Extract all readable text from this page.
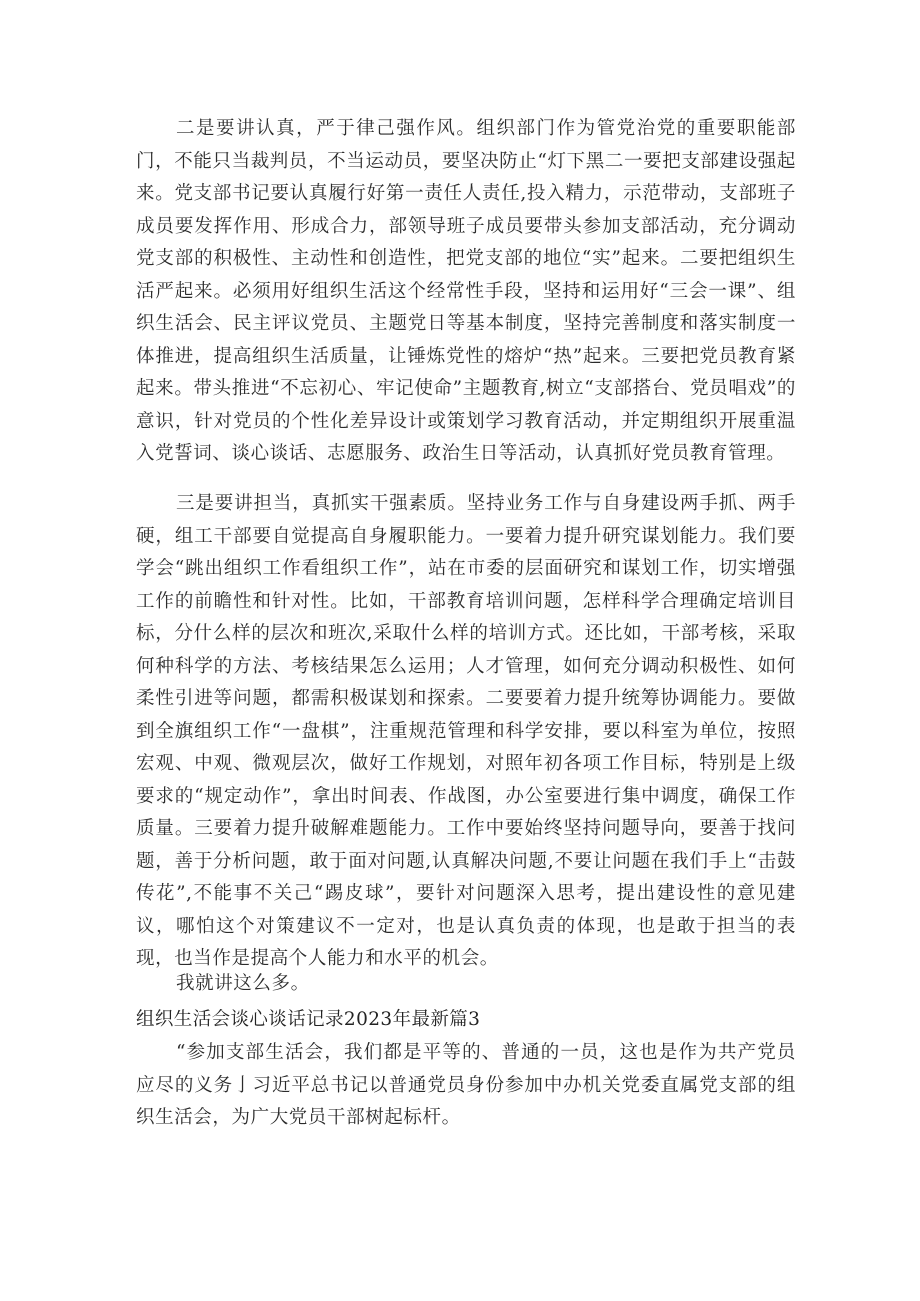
二是要讲认真，严于律己强作风。组织部门作为管党治党的重要职能部门，不能只当裁判员，不当运动员，要坚决防止“灯下黑二一要把支部建设强起来。党支部书记要认真履行好第一责任人责任,投入精力，示范带动，支部班子成员要发挥作用、形成合力，部领导班子成员要带头参加支部活动，充分调动党支部的积极性、主动性和创造性，把党支部的地位“实”起来。二要把组织生活严起来。必须用好组织生活这个经常性手段，坚持和运用好“三会一课”、组织生活会、民主评议党员、主题党日等基本制度，坚持完善制度和落实制度一体推进，提高组织生活质量，让锤炼党性的熔炉“热”起来。三要把党员教育紧起来。带头推进“不忘初心、牢记使命”主题教育,树立“支部搭台、党员唱戏”的意识，针对党员的个性化差异设计或策划学习教育活动，并定期组织开展重温入党誓词、谈心谈话、志愿服务、政治生日等活动，认真抓好党员教育管理。

三是要讲担当，真抓实干强素质。坚持业务工作与自身建设两手抓、两手硬，组工干部要自觉提高自身履职能力。一要着力提升研究谋划能力。我们要学会“跳出组织工作看组织工作”，站在市委的层面研究和谋划工作，切实增强工作的前瞻性和针对性。比如，干部教育培训问题，怎样科学合理确定培训目标，分什么样的层次和班次,采取什么样的培训方式。还比如，干部考核，采取何种科学的方法、考核结果怎么运用；人才管理，如何充分调动积极性、如何柔性引进等问题，都需积极谋划和探索。二要要着力提升统筹协调能力。要做到全旗组织工作“一盘棋”，注重规范管理和科学安排，要以科室为单位，按照宏观、中观、微观层次，做好工作规划，对照年初各项工作目标，特别是上级要求的“规定动作”，拿出时间表、作战图，办公室要进行集中调度，确保工作质量。三要着力提升破解难题能力。工作中要始终坚持问题导向，要善于找问题，善于分析问题，敢于面对问题,认真解决问题,不要让问题在我们手上“击鼓传花”,不能事不关己“踢皮球”，要针对问题深入思考，提出建设性的意见建议，哪怕这个对策建议不一定对，也是认真负责的体现，也是敢于担当的表现，也当作是提高个人能力和水平的机会。

我就讲这么多。

组织生活会谈心谈话记录2023年最新篇3

“参加支部生活会，我们都是平等的、普通的一员，这也是作为共产党员应尽的义务亅习近平总书记以普通党员身份参加中办机关党委直属党支部的组织生活会，为广大党员干部树起标杆。
